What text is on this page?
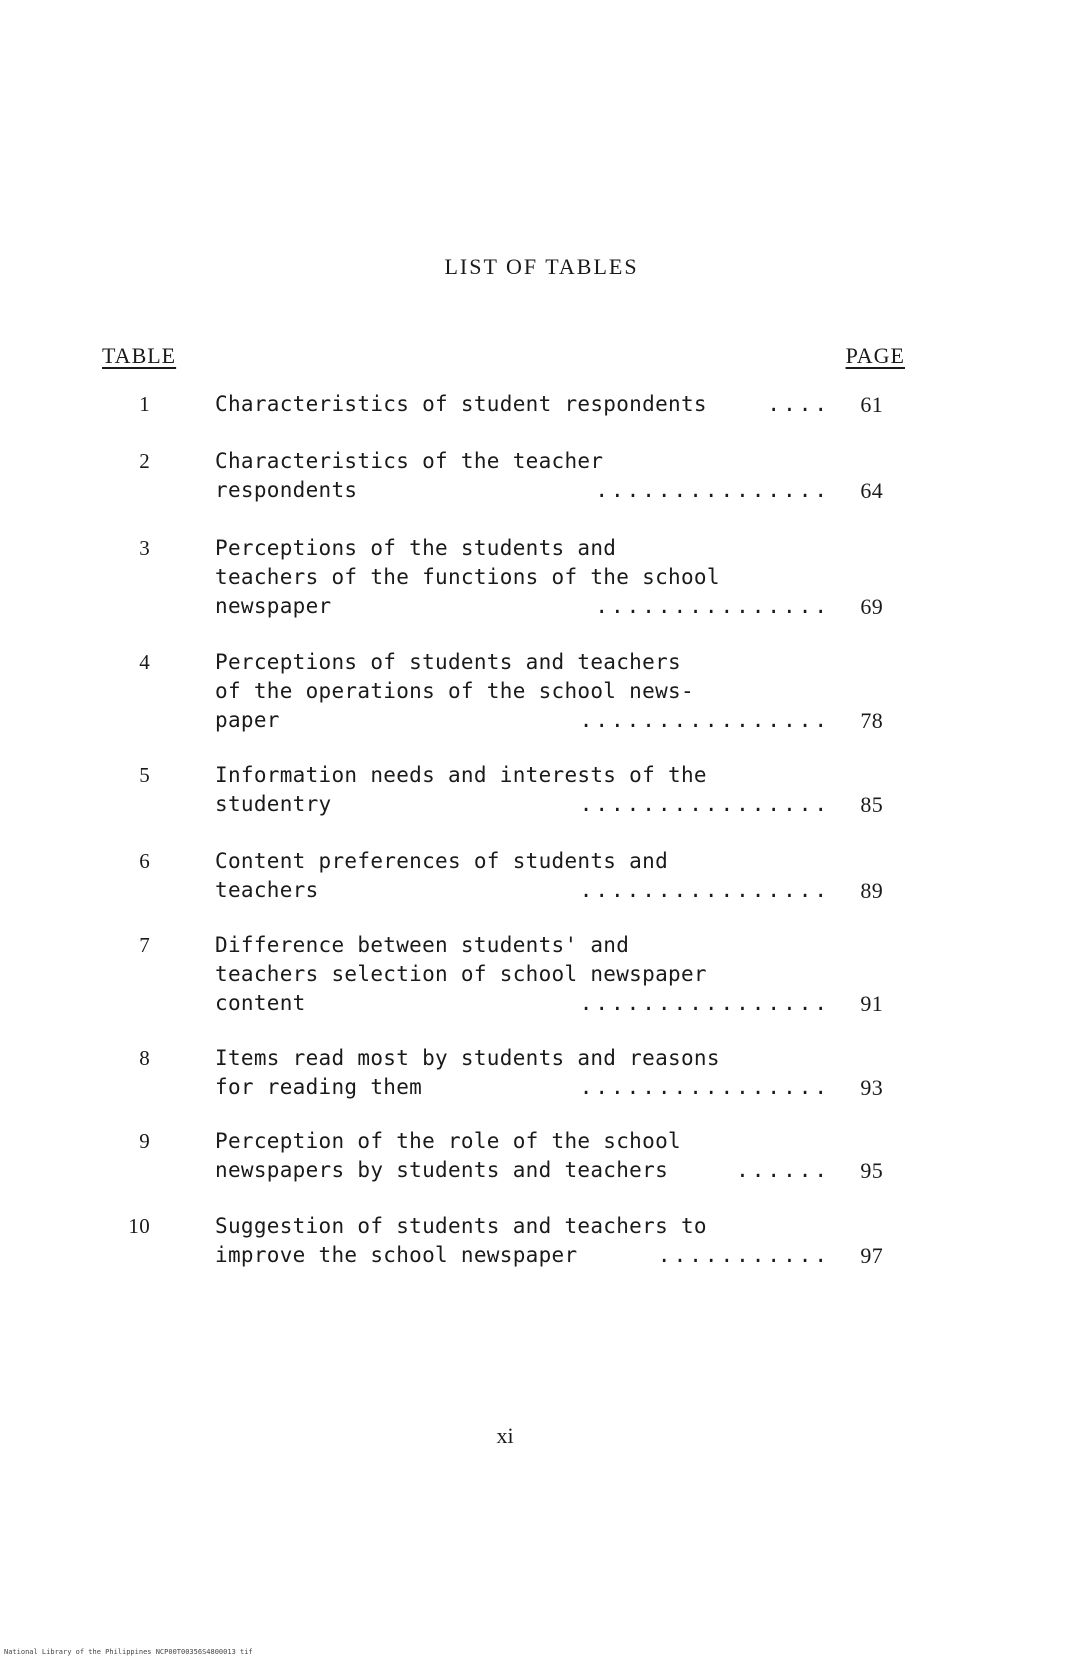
LIST OF TABLES
TABLE	PAGE
1	Characteristics of student respondents	....	61
2	Characteristics of the teacher
respondents	...............	64
3	Perceptions of the students and
teachers of the functions of the school
newspaper	...............	69
4	Perceptions of students and teachers
of the operations of the school news-
paper	................	78
5	Information needs and interests of the
studentry	................	85
6	Content preferences of students and
teachers	................	89
7	Difference between students' and
teachers selection of school newspaper
content	................	91
8	Items read most by students and reasons
for reading them	................	93
9	Perception of the role of the school
newspapers by students and teachers	......	95
10	Suggestion of students and teachers to
improve the school newspaper	...........	97
xi
National Library of the Philippines NCP00T00356S4800013 tif
